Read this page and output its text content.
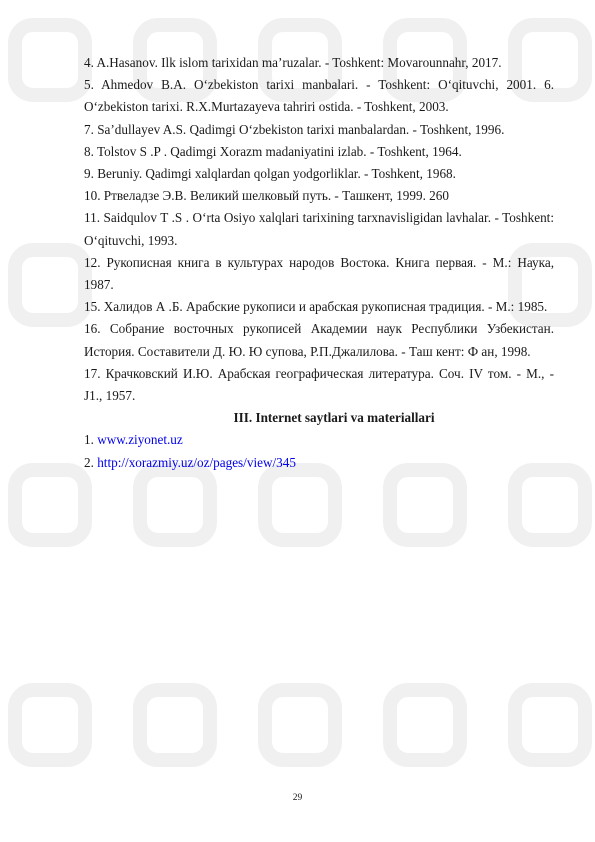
4. A.Hasanov. Ilk islom tarixidan ma’ruzalar. - Toshkent: Movarounnahr, 2017.

5. Ahmedov B.A. O‘zbekiston tarixi manbalari. - Toshkent: O‘qituvchi, 2001. 6. O‘zbekiston tarixi. R.X.Murtazayeva tahriri ostida. - Toshkent, 2003.

7. Sa’dullayev A.S. Qadimgi O‘zbekiston tarixi manbalardan. - Toshkent, 1996.

8. Tolstov S .P . Qadimgi Xorazm madaniyatini izlab. - Toshkent, 1964.

9. Beruniy. Qadimgi xalqlardan qolgan yodgorliklar. - Toshkent, 1968.

10. Ртвеладзе Э.В. Великий шелковый путь. - Ташкент, 1999. 260

11. Saidqulov T .S . O‘rta Osiyo xalqlari tarixining tarxnavisligidan lavhalar. - Toshkent: O‘qituvchi, 1993.

12. Рукописная книга в культурах народов Востока. Книга первая. - М.: Наука, 1987.

15. Халидов А .Б. Арабские рукописи и арабская рукописная традиция. - М.: 1985.

16. Собрание восточных рукописей Академии наук Республики Узбекистан. История. Составители Д. Ю. Ю супова, Р.П.Джалилова. - Таш кент: Ф ан, 1998.

17. Крачковский И.Ю. Арабская географическая литература. Соч. IV том. - М., - J1., 1957.

III. Internet saytlari va materiallari

1. www.ziyonet.uz

2. http://xorazmiy.uz/oz/pages/view/345

29
